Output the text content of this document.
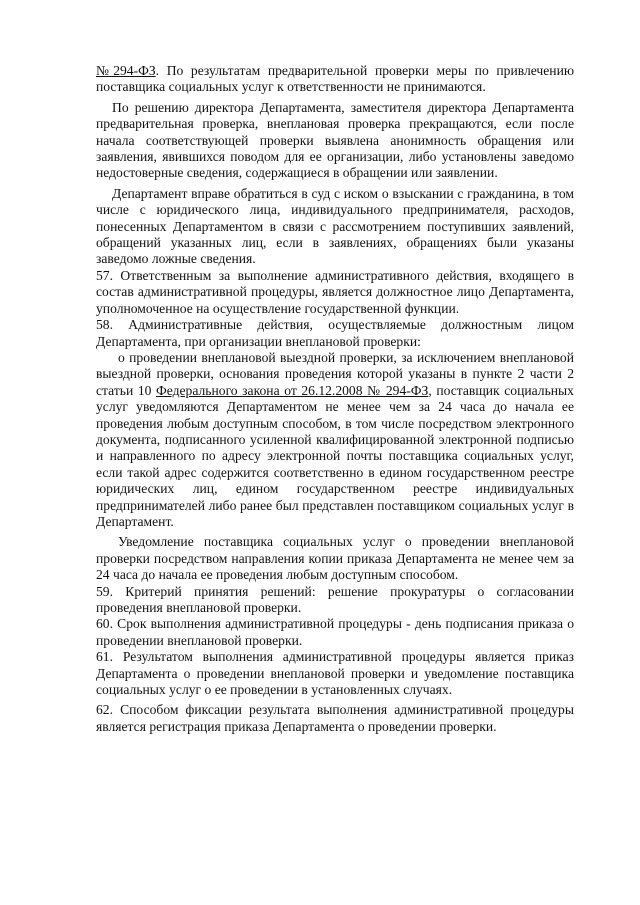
№294-ФЗ. По результатам предварительной проверки меры по привлечению поставщика социальных услуг к ответственности не принимаются.

По решению директора Департамента, заместителя директора Департамента предварительная проверка, внеплановая проверка прекращаются, если после начала соответствующей проверки выявлена анонимность обращения или заявления, явившихся поводом для ее организации, либо установлены заведомо недостоверные сведения, содержащиеся в обращении или заявлении.

Департамент вправе обратиться в суд с иском о взыскании с гражданина, в том числе с юридического лица, индивидуального предпринимателя, расходов, понесенных Департаментом в связи с рассмотрением поступивших заявлений, обращений указанных лиц, если в заявлениях, обращениях были указаны заведомо ложные сведения.

57. Ответственным за выполнение административного действия, входящего в состав административной процедуры, является должностное лицо Департамента, уполномоченное на осуществление государственной функции.

58. Административные действия, осуществляемые должностным лицом Департамента, при организации внеплановой проверки:

о проведении внеплановой выездной проверки, за исключением внеплановой выездной проверки, основания проведения которой указаны в пункте 2 части 2 статьи 10 Федерального закона от 26.12.2008 № 294-ФЗ, поставщик социальных услуг уведомляются Департаментом не менее чем за 24 часа до начала ее проведения любым доступным способом, в том числе посредством электронного документа, подписанного усиленной квалифицированной электронной подписью и направленного по адресу электронной почты поставщика социальных услуг, если такой адрес содержится соответственно в едином государственном реестре юридических лиц, едином государственном реестре индивидуальных предпринимателей либо ранее был представлен поставщиком социальных услуг в Департамент.

Уведомление поставщика социальных услуг о проведении внеплановой проверки посредством направления копии приказа Департамента не менее чем за 24 часа до начала ее проведения любым доступным способом.

59. Критерий принятия решений: решение прокуратуры о согласовании проведения внеплановой проверки.

60. Срок выполнения административной процедуры - день подписания приказа о проведении внеплановой проверки.

61. Результатом выполнения административной процедуры является приказ Департамента о проведении внеплановой проверки и уведомление поставщика социальных услуг о ее проведении в установленных случаях.

62. Способом фиксации результата выполнения административной процедуры является регистрация приказа Департамента о проведении проверки.
